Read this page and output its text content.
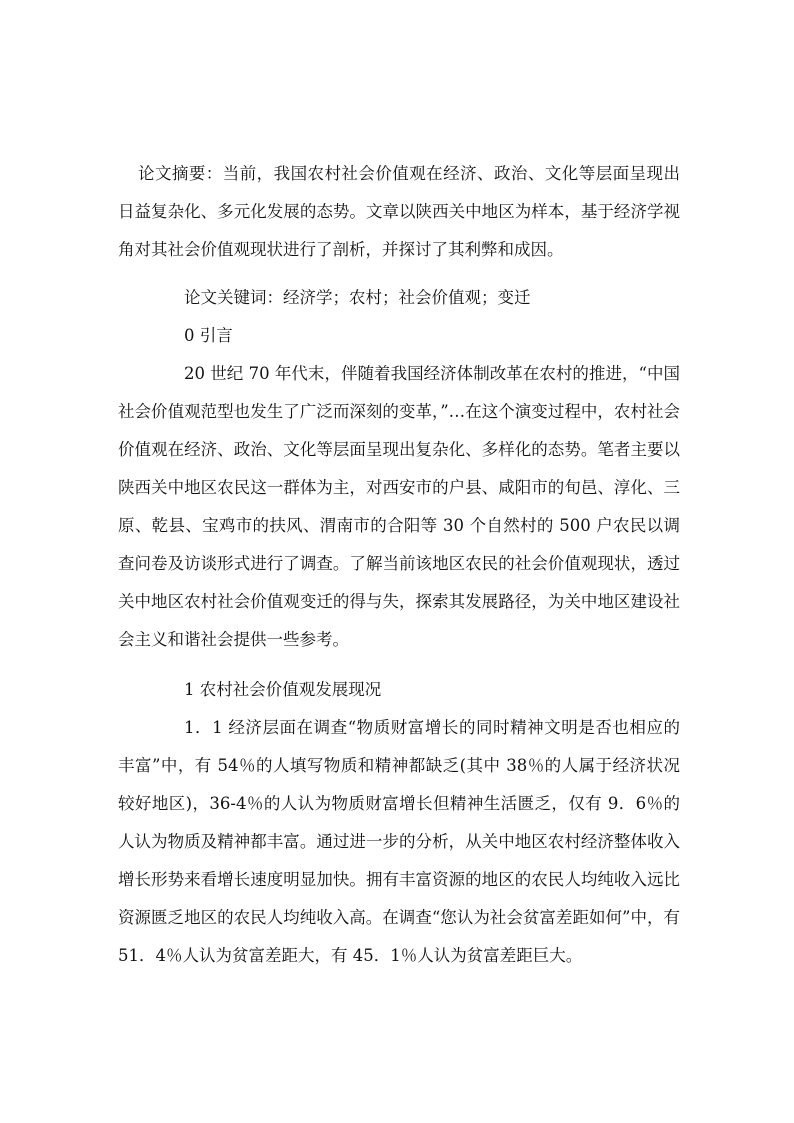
论文摘要：当前，我国农村社会价值观在经济、政治、文化等层面呈现出日益复杂化、多元化发展的态势。文章以陕西关中地区为样本，基于经济学视角对其社会价值观现状进行了剖析，并探讨了其利弊和成因。

论文关键词：经济学；农村；社会价值观；变迁

0 引言

20 世纪 70 年代末，伴随着我国经济体制改革在农村的推进，“中国社会价值观范型也发生了广泛而深刻的变革，”…在这个演变过程中，农村社会价值观在经济、政治、文化等层面呈现出复杂化、多样化的态势。笔者主要以陕西关中地区农民这一群体为主，对西安市的户县、咸阳市的旬邑、淳化、三原、乾县、宝鸡市的扶风、渭南市的合阳等 30 个自然村的 500 户农民以调查问卷及访谈形式进行了调查。了解当前该地区农民的社会价值观现状，透过关中地区农村社会价值观变迁的得与失，探索其发展路径，为关中地区建设社会主义和谐社会提供一些参考。

1 农村社会价值观发展现况

1．1 经济层面在调查“物质财富增长的同时精神文明是否也相应的丰富”中，有 54％的人填写物质和精神都缺乏(其中 38％的人属于经济状况较好地区)，36-4％的人认为物质财富增长但精神生活匮乏，仅有 9．6％的人认为物质及精神都丰富。通过进一步的分析，从关中地区农村经济整体收入增长形势来看增长速度明显加快。拥有丰富资源的地区的农民人均纯收入远比资源匮乏地区的农民人均纯收入高。在调查“您认为社会贫富差距如何”中，有 51．4％人认为贫富差距大，有 45．1％人认为贫富差距巨大。
